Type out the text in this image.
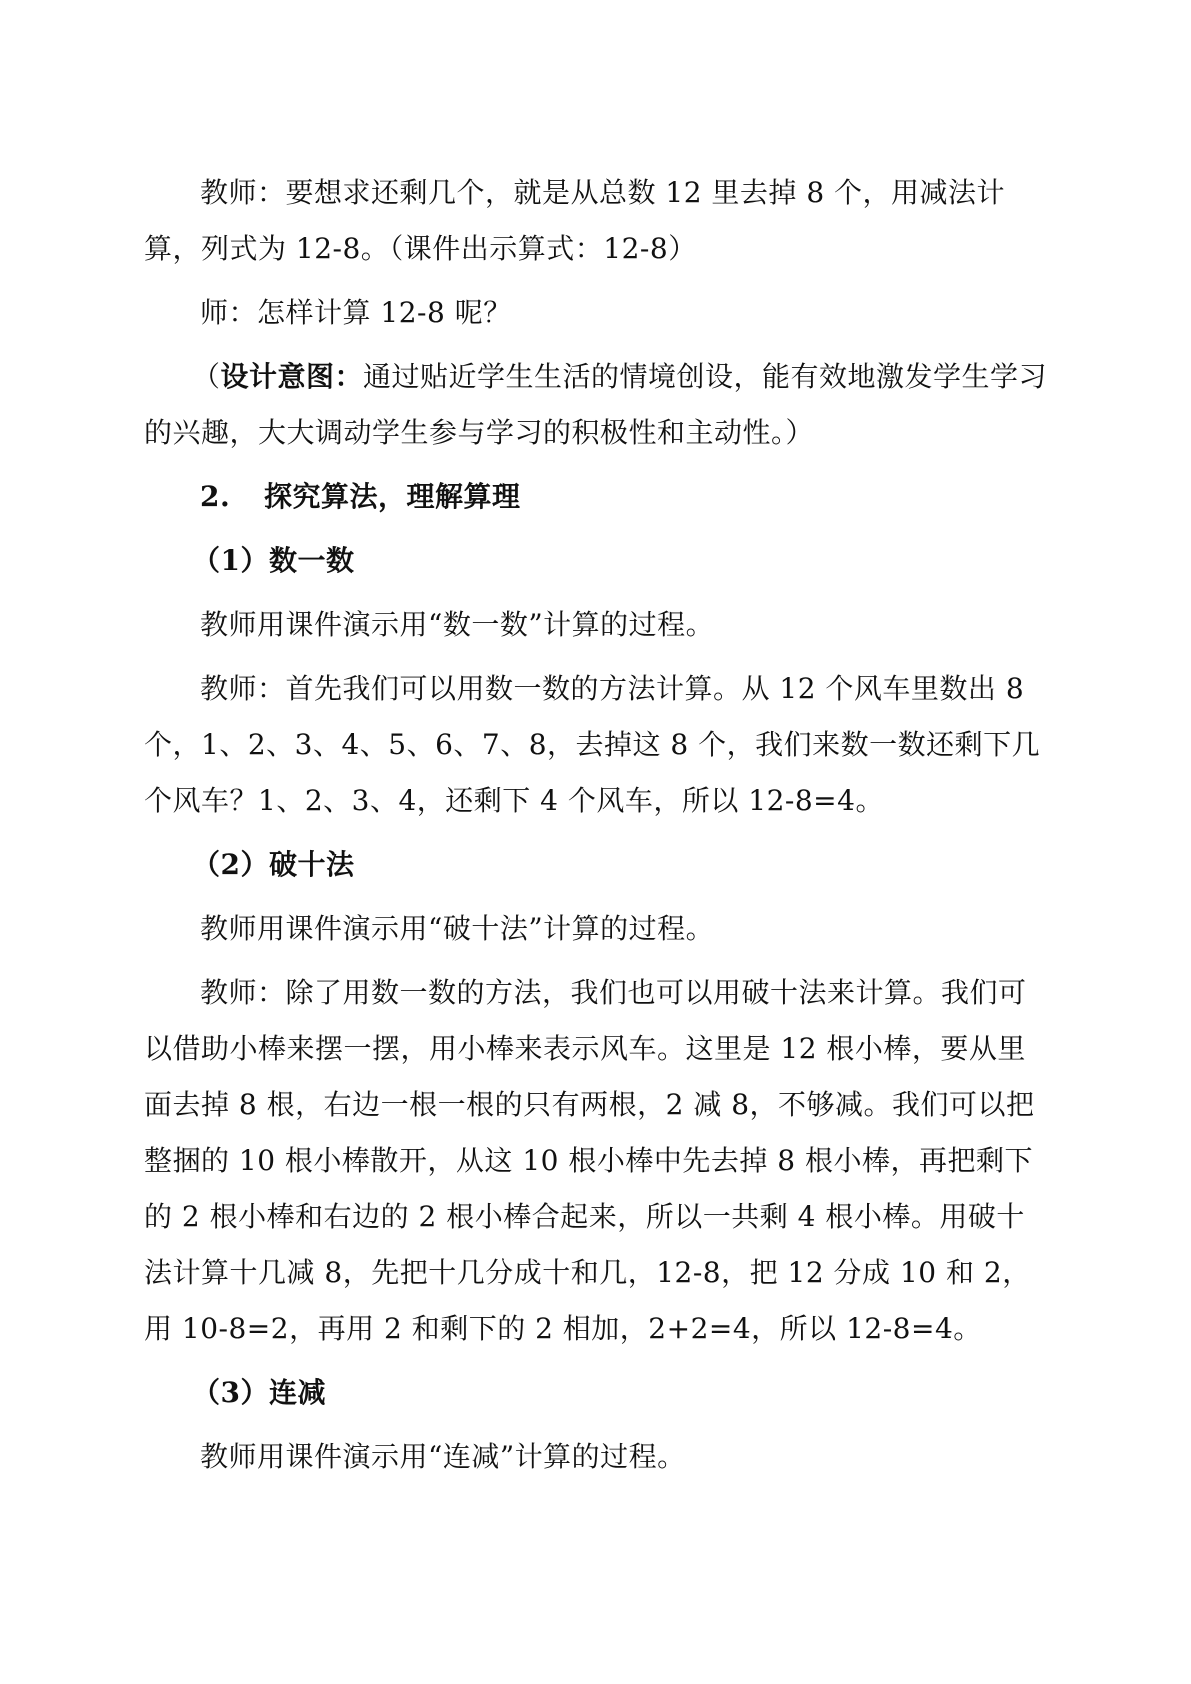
教师：要想求还剩几个，就是从总数 12 里去掉 8 个，用减法计算，列式为 12-8。（课件出示算式：12-8）

师：怎样计算 12-8 呢？

（设计意图：通过贴近学生生活的情境创设，能有效地激发学生学习的兴趣，大大调动学生参与学习的积极性和主动性。）

2. 探究算法，理解算理
（1）数一数

教师用课件演示用“数一数”计算的过程。

教师：首先我们可以用数一数的方法计算。从 12 个风车里数出 8 个，1、2、3、4、5、6、7、8，去掉这 8 个，我们来数一数还剩下几个风车？1、2、3、4，还剩下 4 个风车，所以 12-8=4。

（2）破十法

教师用课件演示用“破十法”计算的过程。

教师：除了用数一数的方法，我们也可以用破十法来计算。我们可以借助小棒来摆一摆，用小棒来表示风车。这里是 12 根小棒，要从里面去掉 8 根，右边一根一根的只有两根，2 减 8，不够减。我们可以把整捆的 10 根小棒散开，从这 10 根小棒中先去掉 8 根小棒，再把剩下的 2 根小棒和右边的 2 根小棒合起来，所以一共剩 4 根小棒。用破十法计算十几减 8，先把十几分成十和几，12-8，把 12 分成 10 和 2，用 10-8=2，再用 2 和剩下的 2 相加，2+2=4，所以 12-8=4。

（3）连减

教师用课件演示用“连减”计算的过程。
